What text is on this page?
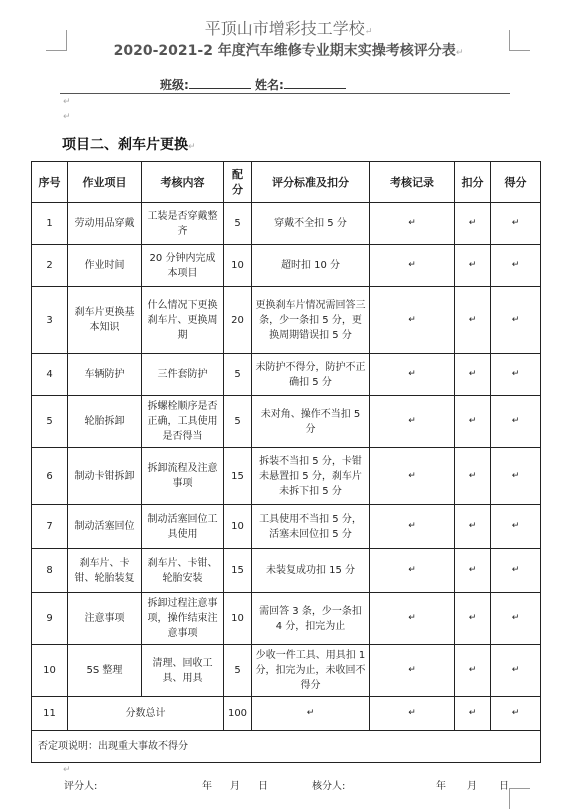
平顶山市增彩技工学校↵
2020-2021-2 年度汽车维修专业期末实操考核评分表↵
班级:	姓名:
↵
↵
项目二、刹车片更换↵
序号	作业项目	考核内容	配分	评分标准及扣分	考核记录	扣分	得分
1	劳动用品穿戴	工装是否穿戴整齐	5	穿戴不全扣 5 分	↵	↵	↵
2	作业时间	20 分钟内完成本项目	10	超时扣 10 分	↵	↵	↵
3	刹车片更换基本知识	什么情况下更换刹车片、更换周期	20	更换刹车片情况需回答三条，少一条扣 5 分，更换周期错误扣 5 分	↵	↵	↵
4	车辆防护	三件套防护	5	未防护不得分，防护不正确扣 5 分	↵	↵	↵
5	轮胎拆卸	拆螺栓顺序是否正确，工具使用是否得当	5	未对角、操作不当扣 5 分	↵	↵	↵
6	制动卡钳拆卸	拆卸流程及注意事项	15	拆装不当扣 5 分，卡钳未悬置扣 5 分，刹车片未拆下扣 5 分	↵	↵	↵
7	制动活塞回位	制动活塞回位工具使用	10	工具使用不当扣 5 分，活塞未回位扣 5 分	↵	↵	↵
8	刹车片、卡钳、轮胎装复	刹车片、卡钳、轮胎安装	15	未装复成功扣 15 分	↵	↵	↵
9	注意事项	拆卸过程注意事项，操作结束注意事项	10	需回答 3 条，少一条扣 4 分，扣完为止	↵	↵	↵
10	5S 整理	清理、回收工具、用具	5	少收一件工具、用具扣 1 分，扣完为止，未收回不得分	↵	↵	↵
11	分数总计		100	↵	↵	↵	↵
否定项说明：出现重大事故不得分							
↵
评分人:	年 月 日	核分人:	年 月 日
